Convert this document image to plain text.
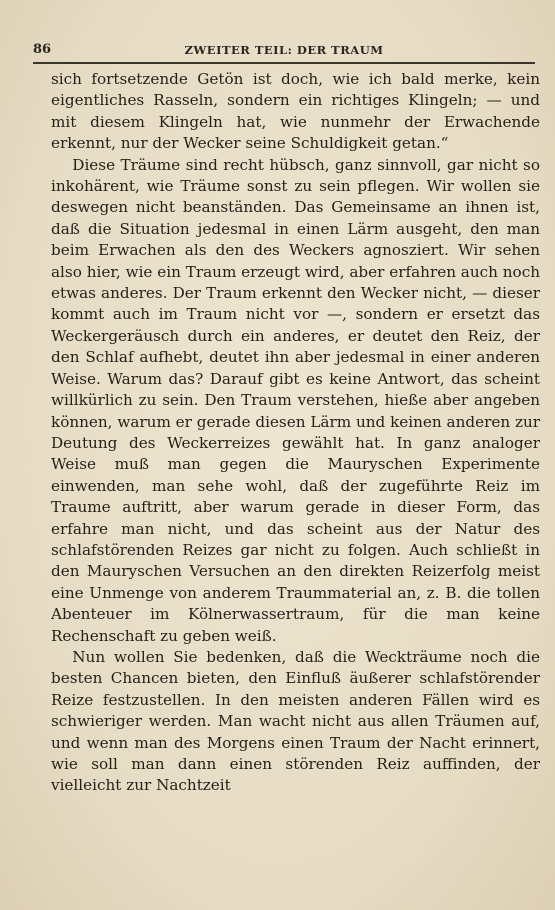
86	ZWEITER TEIL: DER TRAUM

sich fortsetzende Getön ist doch, wie ich bald merke, kein eigentliches Rasseln, sondern ein richtiges Klingeln; — und mit diesem Klingeln hat, wie nunmehr der Erwachende erkennt, nur der Wecker seine Schuldigkeit getan.“

Diese Träume sind recht hübsch, ganz sinnvoll, gar nicht so inkohärent, wie Träume sonst zu sein pflegen. Wir wollen sie deswegen nicht beanständen. Das Gemeinsame an ihnen ist, daß die Situation jedesmal in einen Lärm ausgeht, den man beim Erwachen als den des Weckers agnosziert. Wir sehen also hier, wie ein Traum erzeugt wird, aber erfahren auch noch etwas anderes. Der Traum erkennt den Wecker nicht, — dieser kommt auch im Traum nicht vor —, sondern er ersetzt das Weckergeräusch durch ein anderes, er deutet den Reiz, der den Schlaf aufhebt, deutet ihn aber jedesmal in einer anderen Weise. Warum das? Darauf gibt es keine Antwort, das scheint willkürlich zu sein. Den Traum verstehen, hieße aber angeben können, warum er gerade diesen Lärm und keinen anderen zur Deutung des Weckerreizes gewählt hat. In ganz analoger Weise muß man gegen die Mauryschen Experimente einwenden, man sehe wohl, daß der zugeführte Reiz im Traume auftritt, aber warum gerade in dieser Form, das erfahre man nicht, und das scheint aus der Natur des schlafstörenden Reizes gar nicht zu folgen. Auch schließt in den Mauryschen Versuchen an den direkten Reizerfolg meist eine Unmenge von anderem Traummaterial an, z. B. die tollen Abenteuer im Kölnerwassertraum, für die man keine Rechenschaft zu geben weiß.

Nun wollen Sie bedenken, daß die Weckträume noch die besten Chancen bieten, den Einfluß äußerer schlafstörender Reize festzustellen. In den meisten anderen Fällen wird es schwieriger werden. Man wacht nicht aus allen Träumen auf, und wenn man des Morgens einen Traum der Nacht erinnert, wie soll man dann einen störenden Reiz auffinden, der vielleicht zur Nachtzeit
